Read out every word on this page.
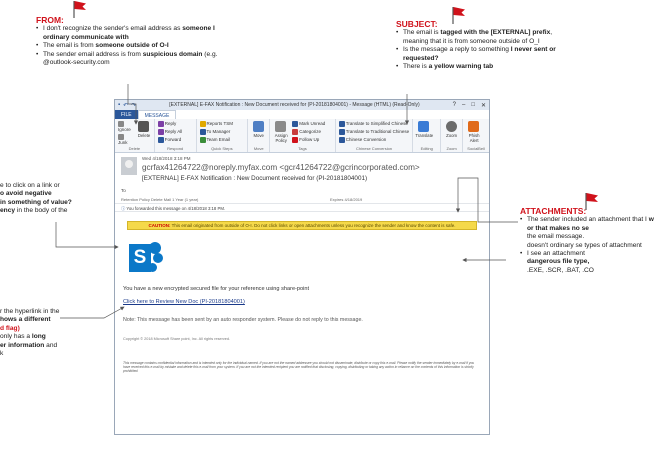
FROM:
• I don't recognize the sender's email address as someone I ordinary communicate with
• The email is from someone outside of O-I
• The sender email address is from suspicious domain (e.g. @outlook-security.com
SUBJECT:
• The email is tagged with the [EXTERNAL] prefix, meaning that it is from someone outside of O_I
• Is the message a reply to something I never sent or requested?
• There is a yellow warning tab
ATTACHMENTS:
• The sender included an attachment that I w
or that makes no se
the email message.
doesn't ordinary se types of attachment
• I see an attachment
dangerous file type,
.EXE, .SCR, .BAT, .CO
e to click on a link or
o avoid negative
in something of value?
ency in the body of the
r the hyperlink in the
hows a different
d flag)
only has a long
er information and
k
▪ ↶ ↷	[EXTERNAL] E-FAX Notification : New Document received for (PI-20181804001) - Message (HTML) (Read-Only)	? – □ ✕
FILE	MESSAGE
Ignore
Junk
Delete
Delete
Reply
Reply All
Forward
Respond
Reports TSM
To Manager
Team Email
Quick Steps
Move
Move
Assign Policy
Mark Unread
Categorize
Follow Up
Tags
Translate to Simplified Chinese
Translate to Traditional Chinese
Chinese Conversion
Chinese Conversion
Translate
Editing
Zoom
Zoom
Phish Alert
SocialBell
Wed 4/18/2018 3:18 PM
gcrfax41264722@noreply.myfax.com <gcr41264722@gcrincorporated.com>
[EXTERNAL] E-FAX Notification : New Document received for (PI-20181804001)
To
Retention Policy Delete Mail 1 Year (1 year)	Expires 4/18/2019
ⓘ You forwarded this message on 4/18/2018 3:18 PM.
CAUTION: This email originated from outside of O-I. Do not click links or open attachments unless you recognize the sender and know the content is safe.
S
You have a new encrypted secured file for your reference using share-point
Click here to Review New Doc (PI-20181804001)
Note: This message has been sent by an auto responder system. Please do not reply to this message.
Copyright © 2018 Microsoft Share point, Inc. All rights reserved.
This message contains confidential information and is intended only for the individual named. If you are not the named addressee you should not disseminate, distribute or copy this e-mail. Please notify the sender immediately by e-mail if you have received this e-mail by mistake and delete this e-mail from your system. If you are not the intended recipient you are notified that disclosing, copying, distributing or taking any action in reliance on the contents of this information is strictly prohibited.
